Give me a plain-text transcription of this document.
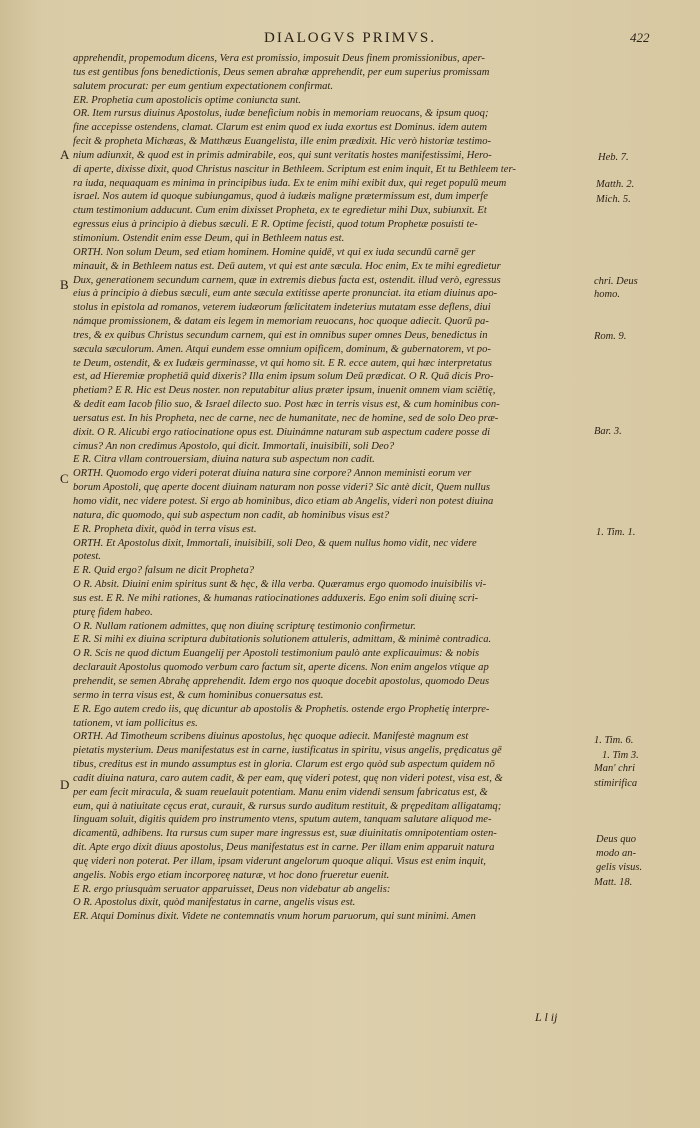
DIALOGVS PRIMVS.	422
apprehendit, propemodum dicens, Vera est promissio, imposuit Deus finem promissionibus, aper-
tus est gentibus fons benedictionis, Deus semen abrahæ apprehendit, per eum superius promissam
salutem procurat: per eum gentium expectationem confirmat.
ER. Prophetia cum apostolicis optime coniuncta sunt.
OR. Item rursus diuinus Apostolus, iudæ beneficium nobis in memoriam reuocans, & ipsum quoq;
fine accepisse ostendens, clamat. Clarum est enim quod ex iuda exortus est Dominus. idem autem
fecit & propheta Michæas, & Matthæus Euangelista, ille enim prædixit. Hic verò historiæ testimo-
nium adiunxit, & quod est in primis admirabile, eos, qui sunt veritatis hostes manifestissimi, Hero-
di aperte, dixisse dixit, quod Christus nascitur in Bethleem. Scriptum est enim inquit, Et tu Bethleem ter-
ra iuda, nequaquam es minima in principibus iuda. Ex te enim mihi exibit dux, qui reget populū meum
israel. Nos autem id quoque subiungamus, quod à iudæis maligne prætermissum est, dum imperfe
ctum testimonium adducunt. Cum enim dixisset Propheta, ex te egredietur mihi Dux, subiunxit. Et
egressus eius à principio à diebus sæculi. E R. Optime fecisti, quod totum Prophetæ posuisti te-
stimonium. Ostendit enim esse Deum, qui in Bethleem natus est.
ORTH. Non solum Deum, sed etiam hominem. Homine quidē, vt qui ex iuda secundū carnē ger
minauit, & in Bethleem natus est. Deū autem, vt qui est ante sæcula. Hoc enim, Ex te mihi egredietur
Dux, generationem secundum carnem, quæ in extremis diebus facta est, ostendit. illud verò, egressus
eius à principio à diebus sæculi, eum ante sæcula extitisse aperte pronunciat. ita etiam diuinus apo-
stolus in epistola ad romanos, veterem iudæorum fœlicitatem indeterius mutatam esse deflens, diui
námque promissionem, & datam eis legem in memoriam reuocans, hoc quoque adiecit. Quorū pa-
tres, & ex quibus Christus secundum carnem, qui est in omnibus super omnes Deus, benedictus in
sæcula sæculorum. Amen. Atqui eundem esse omnium opificem, dominum, & gubernatorem, vt po-
te Deum, ostendit, & ex Iudæis germinasse, vt qui homo sit. E R. ecce autem, qui hæc interpretatus
est, ad Hieremiæ prophetiā quid dixeris? Illa enim ipsum solum Deū prædicat. O R. Quā dicis Pro-
phetiam? E R. Hic est Deus noster. non reputabitur alius præter ipsum, inuenit omnem viam sciētię,
& dedit eam Iacob filio suo, & Israel dilecto suo. Post hæc in terris visus est, & cum hominibus con-
uersatus est. In his Propheta, nec de carne, nec de humanitate, nec de homine, sed de solo Deo præ-
dixit. O R. Alicubi ergo ratiocinatione opus est. Diuinámne naturam sub aspectum cadere posse di
cimus? An non credimus Apostolo, qui dicit. Immortali, inuisibili, soli Deo?
E R. Citra vllam controuersiam, diuina natura sub aspectum non cadit.
ORTH. Quomodo ergo videri poterat diuina natura sine corpore? Annon meministi eorum ver
borum Apostoli, quę aperte docent diuinam naturam non posse videri? Sic antè dicit, Quem nullus
homo vidit, nec videre potest. Si ergo ab hominibus, dico etiam ab Angelis, videri non potest diuina
natura, dic quomodo, qui sub aspectum non cadit, ab hominibus visus est?
E R. Propheta dixit, quòd in terra visus est.
ORTH. Et Apostolus dixit, Immortali, inuisibili, soli Deo, & quem nullus homo vidit, nec videre
potest.
E R. Quid ergo? falsum ne dicit Propheta?
O R. Absit. Diuini enim spiritus sunt & hęc, & illa verba. Quæramus ergo quomodo inuisibilis vi-
sus est. E R. Ne mihi rationes, & humanas ratiocinationes adduxeris. Ego enim soli diuinę scri-
pturę fidem habeo.
O R. Nullam rationem admittes, quę non diuinę scripturę testimonio confirmetur.
E R. Si mihi ex diuina scriptura dubitationis solutionem attuleris, admittam, & minimè contradica.
O R. Scis ne quod dictum Euangelij per Apostoli testimonium paulò ante explicauimus: & nobis
declarauit Apostolus quomodo verbum caro factum sit, aperte dicens. Non enim angelos vtique ap
prehendit, se semen Abrahę apprehendit. Idem ergo nos quoque docebit apostolus, quomodo Deus
sermo in terra visus est, & cum hominibus conuersatus est.
E R. Ego autem credo iis, quę dicuntur ab apostolis & Prophetis. ostende ergo Prophetię interpre-
tationem, vt iam pollicitus es.
ORTH. Ad Timotheum scribens diuinus apostolus, hęc quoque adiecit. Manifestè magnum est
pietatis mysterium. Deus manifestatus est in carne, iustificatus in spiritu, visus angelis, prędicatus gē
tibus, creditus est in mundo assumptus est in gloria. Clarum est ergo quòd sub aspectum quidem nō
cadit diuina natura, caro autem cadit, & per eam, quę videri potest, quę non videri potest, visa est, &
per eam fecit miracula, & suam reuelauit potentiam. Manu enim videndi sensum fabricatus est, &
eum, qui à natiuitate cęcus erat, curauit, & rursus surdo auditum restituit, & prępeditam alligatamq;
linguam soluit, digitis quidem pro instrumento vtens, sputum autem, tanquam salutare aliquod me-
dicamentū, adhibens. Ita rursus cum super mare ingressus est, suæ diuinitatis omnipotentiam osten-
dit. Apte ergo dixit diuus apostolus, Deus manifestatus est in carne. Per illam enim apparuit natura
quę videri non poterat. Per illam, ipsam viderunt angelorum quoque aliqui. Visus est enim inquit,
angelis. Nobis ergo etiam incorporeę naturæ, vt hoc dono frueretur euenit.
E R. ergo priusquàm seruator apparuisset, Deus non videbatur ab angelis:
O R. Apostolus dixit, quòd manifestatus in carne, angelis visus est.
ER. Atqui Dominus dixit. Videte ne contemnatis vnum horum paruorum, qui sunt minimi. Amen
A
B
C
D
Heb. 7.
Matth. 2.
Mich. 5.
chri. Deus
homo.
Rom. 9.
Bar. 3.
1. Tim. 1.
1. Tim. 6.
1. Tim 3.
Man' chri
stimirifica
Deus quo
modo an-
gelis visus.
Matt. 18.
L l ij
